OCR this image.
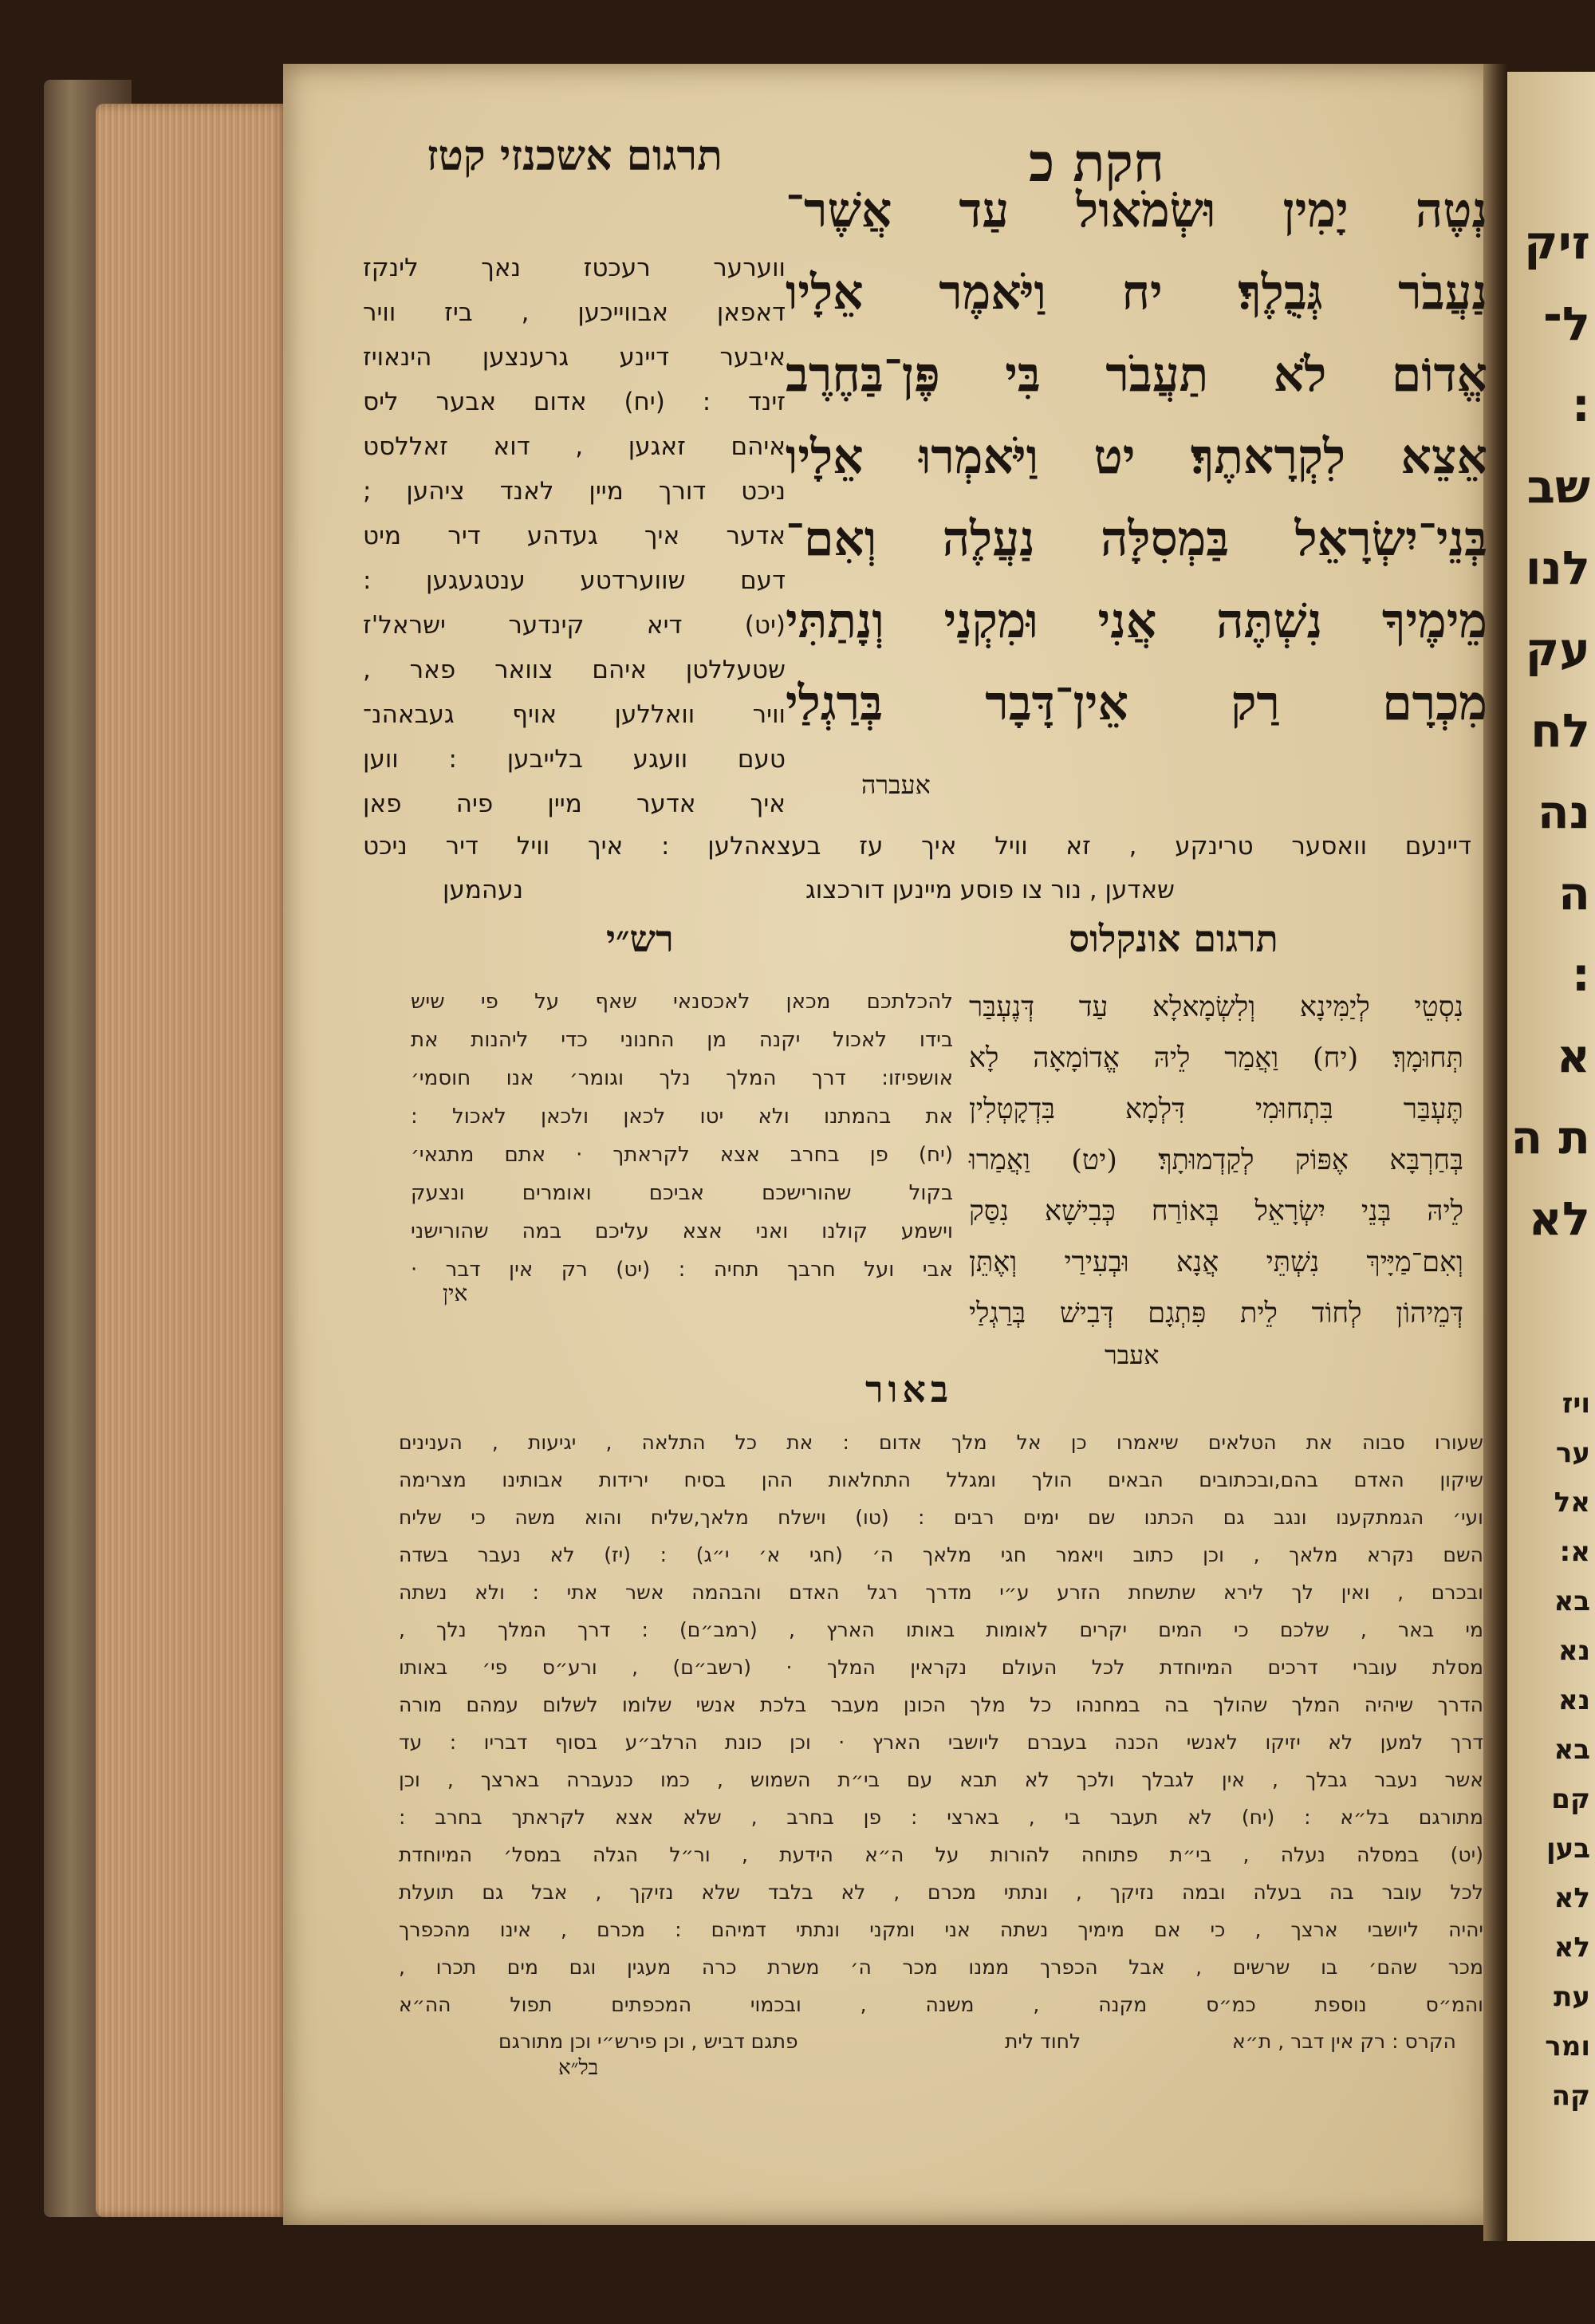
זיק
ל־
:
שב
לנו
עק
לח
נה
ה
:
א
ת ה
לא
ויז
ער
אל
א:
בא
נא
נא
בא
קם
בען
לא
לא
עת
ומר
קה
חקת כ
תרגום אשכנזי קטז
נְטֶה יָמִין וּשְׂמֹאול עַד אֲשֶׁר־
נַעֲבֹר גְּבֻלֶךָ׃ יח וַיֹּאמֶר אֵלָיו
אֱדוֹם לֹא תַעֲבֹר בִּי פֶּן־בַּחֶרֶב
אֵצֵא לִקְרָאתֶךָ׃ יט וַיֹּאמְרוּ אֵלָיו
בְּנֵי־יִשְׂרָאֵל בַּמְסִלָּה נַעֲלֶה וְאִם־
מֵימֶיךָ נִשְׁתֶּה אֲנִי וּמִקְנַי וְנָתַתִּי
מִכְרָם רַק אֵין־דָּבָר בְּרַגְלַי
אעברה
ווערער רעכטז נאך לינקז
דאפאן אבווייכען , ביז וויר
איבער דיינע גרענצען הינאויז
זינד : (יח) אדום אבער ליס
איהם זאגען , דוא זאללסט
ניכט דורך מיין לאנד ציהען ;
אדער איך געדהע דיר מיט
דעם שווערדטע ענטגעגען :
(יט) דיא קינדער ישראל'ז
שטעללטן איהם צוואר פאר ,
וויר וואללען אויף געבאהנ־
טעם וועגע בלייבען : ווען
איך אדער מיין פיה פאן
דיינעם וואסער טרינקע , זא וויל איך עז בעצאהלען : איך וויל דיר ניכט
שאדען , נור צו פוסע מיינען דורכצוג
נעהמען
תרגום אונקלוס
נִסְטֵי לְיַמִּינָא וְלִשְׂמָאלָא עַד דְּנֶעְבַּר
תְּחוּמָךְ׃ (יח) וַאֲמַר לֵיהּ אֱדוֹמָאָה לָא
תֶּעְבַּר בִּתְחוּמִי דִּלְמָא בִּדְקָטְלִין
בְּחַרְבָּא אֶפּוֹק לְקַדְמוּתָךְ׃ (יט) וַאֲמַרוּ
לֵיהּ בְּנֵי יִשְׂרָאֵל בְּאוֹרַח כְּבִישָׁא נִסַּק
וְאִם־מַיָּיךְ נִשְׁתֵּי אֲנָא וּבְעִירַי וְאֶתֵּן
דְּמֵיהוֹן לְחוֹד לֵית פִּתְגָם דְּבִישׁ בְּרַגְלַי
אעבר
רש״י
להכלתכם מכאן לאכסנאי שאף על פי שיש
בידו לאכול יקנה מן החנוני כדי ליהנות את
אושפיזו: דרך המלך נלך וגומר׳ אנו חוסמי׳
את בהמתנו ולא יטו לכאן ולכאן לאכול :
(יח) פן בחרב אצא לקראתך · אתם מתגאי׳
בקול שהורישכם אביכם ואומרים ונצעק
וישמע קולנו ואני אצא עליכם במה שהורישני
אבי ועל חרבך תחיה : (יט) רק אין דבר ·
אין
באור
שעורו סבוה את הטלאים שיאמרו כן אל מלך אדום : את כל התלאה , יגיעות , הענינים
שיקון האדם בהם,ובכתובים הבאים הולך ומגלל התחלאות ההן בסיח ירידות אבותינו מצרימה
ועי׳ הגמתקענו ונגב גם הכתנו שם ימים רבים : (טו) וישלח מלאך,שליח והוא משה כי שליח
השם נקרא מלאך , וכן כתוב ויאמר חגי מלאך ה׳ (חגי א׳ י״ג) : (יז) לא נעבר בשדה
ובכרם , ואין לך לירא שתשחת הזרע ע״י מדרך רגל האדם והבהמה אשר אתי : ולא נשתה
מי באר , שלכם כי המים יקרים לאומות באותו הארץ , (רמב״ם) : דרך המלך נלך ,
מסלת עוברי דרכים המיוחדת לכל העולם נקראין המלך · (רשב״ם) , ורע״ס פי׳ באותו
הדרך שיהיה המלך שהולך בה במחנהו כל מלך הכונן מעבר בלכת אנשי שלומו לשלום עמהם מורה
דרך למען לא יזיקו לאנשי הכנה בעברם ליושבי הארץ · וכן כונת הרלב״ע בסוף דבריו : עד
אשר נעבר גבלך , אין לגבלך ולכך לא תבא עם בי״ת השמוש , כמו כנעברה בארצך , וכן
מתורגם בל״א : (יח) לא תעבר בי , בארצי : פן בחרב , שלא אצא לקראתך בחרב :
(יט) במסלה נעלה , בי״ת פתוחה להורות על ה״א הידעת , ור״ל הגלה במסל׳ המיוחדת
לכל עובר בה בעלה ובמה נזיקך , ונתתי מכרם , לא בלבד שלא נזיקך , אבל גם תועלת
יהיה ליושבי ארצך , כי אם מימיך נשתה אני ומקני ונתתי דמיהם : מכרם , אינו מהכפרך
מכר שהם׳ בו שרשים , אבל הכפרך ממנו מכר ה׳ משרת כרה מעגין וגם מים תכרו ,
והמ״ס נוספת כמ״ס מקנה , משנה , ובכמוי המכפתים תפול הה״א
הקרס : רק אין דבר , ת״א
לחוד לית
פתגם דביש , וכן פירש״י וכן מתורגם
בל״א
